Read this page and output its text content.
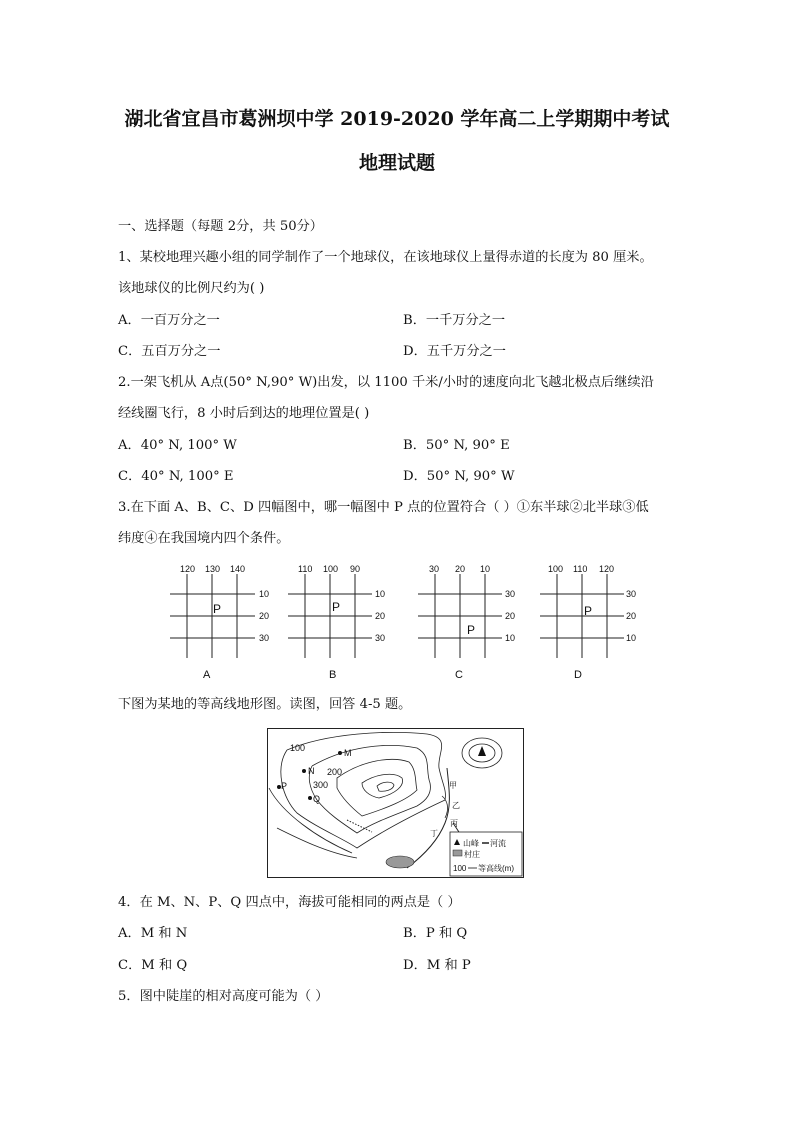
湖北省宜昌市葛洲坝中学 2019-2020 学年高二上学期期中考试
地理试题
一、选择题（每题 2分，共 50分）
1、某校地理兴趣小组的同学制作了一个地球仪，在该地球仪上量得赤道的长度为 80 厘米。
该地球仪的比例尺约为( )
A．一百万分之一	B．一千万分之一
C．五百万分之一	D．五千万分之一
2.一架飞机从 A点(50° N,90° W)出发，以 1100 千米/小时的速度向北飞越北极点后继续沿
经线圈飞行，8 小时后到达的地理位置是( )
A．40° N, 100° W	B．50° N, 90° E
C．40° N, 100° E	D．50° N, 90° W
3.在下面 A、B、C、D 四幅图中，哪一幅图中 P 点的位置符合（ ）①东半球②北半球③低
纬度④在我国境内四个条件。
120 130 140
10
20
30
P
A
110 100 90
10
20
30
P
B
30 20 10
30
20
10
P
C
100 110 120
30
20
10
P
D
下图为某地的等高线地形图。读图，回答 4-5 题。
100
200
300
M
N
P
Q
甲
乙
丙
丁
山峰 河流
村庄
100 等高线(m)
4．在 M、N、P、Q 四点中，海拔可能相同的两点是（ ）
A．M 和 N	B．P 和 Q
C．M 和 Q	D．M 和 P
5．图中陡崖的相对高度可能为（ ）
